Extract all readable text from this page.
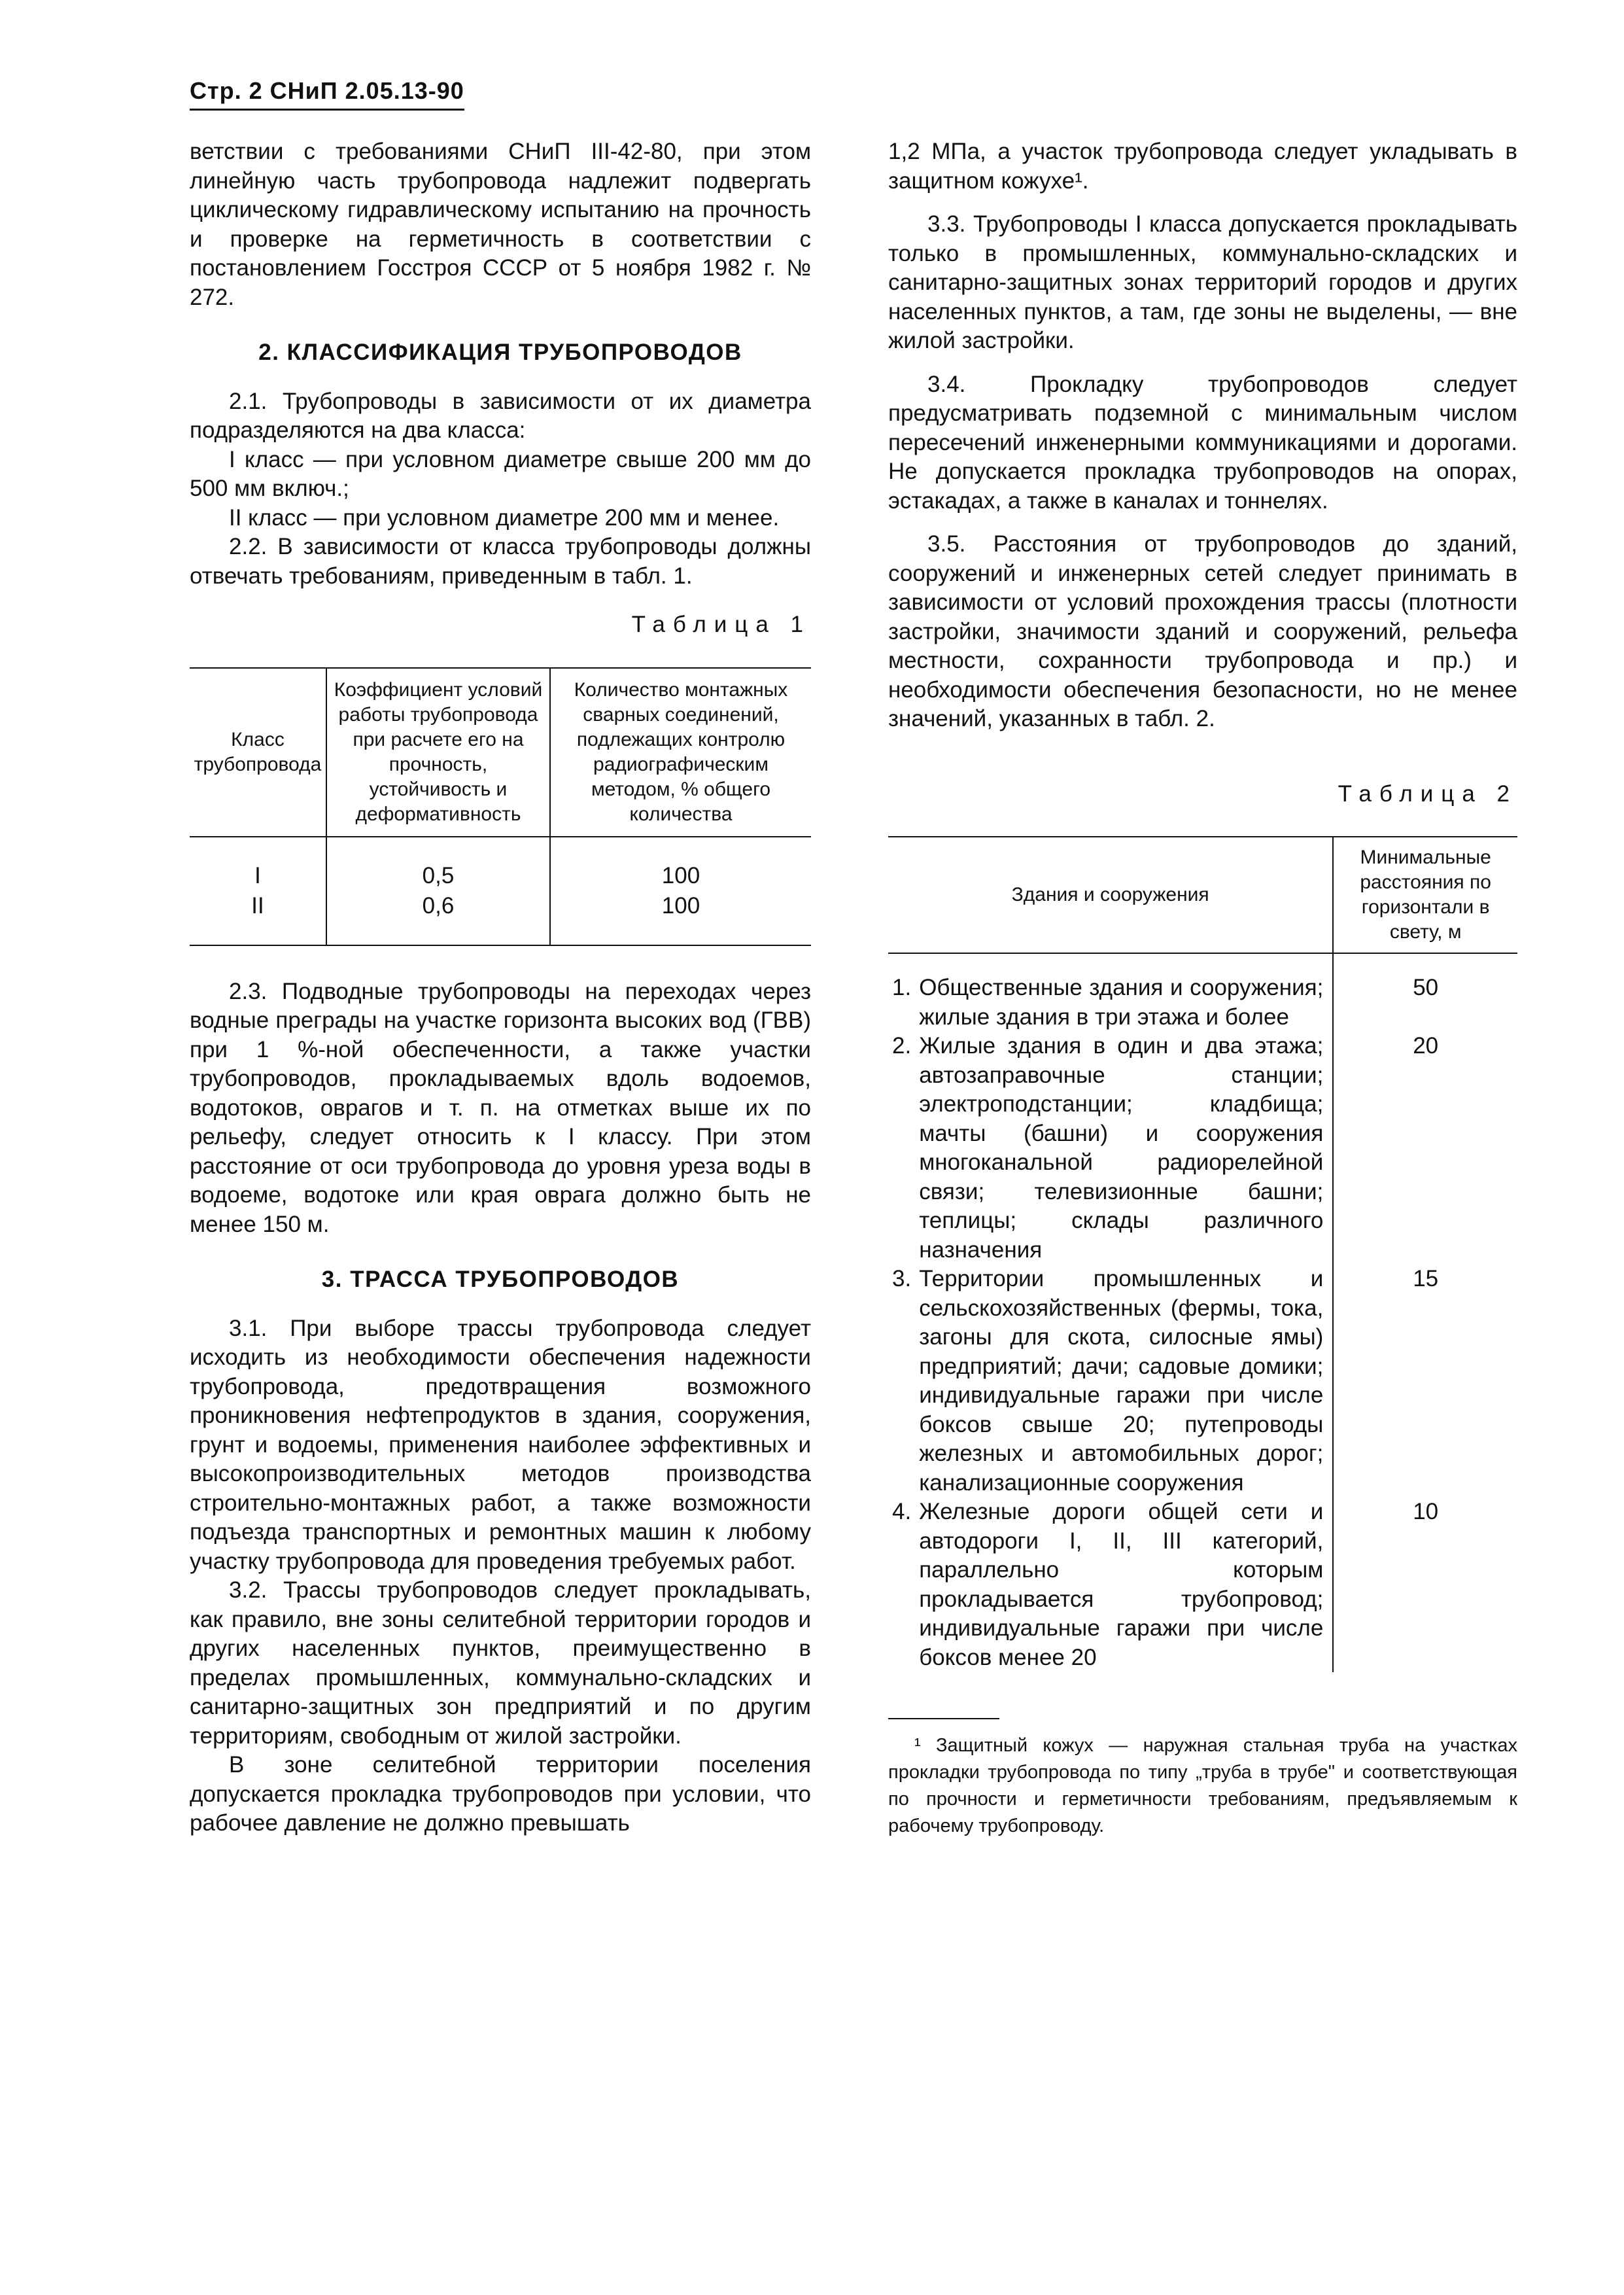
Стр. 2 СНиП 2.05.13-90

ветствии с требованиями СНиП III-42-80, при этом линейную часть трубопровода надлежит подвергать циклическому гидравлическому испытанию на прочность и проверке на герметичность в соответствии с постановлением Госстроя СССР от 5 ноября 1982 г. № 272.

2. КЛАССИФИКАЦИЯ ТРУБОПРОВОДОВ

2.1. Трубопроводы в зависимости от их диаметра подразделяются на два класса:

I класс — при условном диаметре свыше 200 мм до 500 мм включ.;

II класс — при условном диаметре 200 мм и менее.

2.2. В зависимости от класса трубопроводы должны отвечать требованиям, приведенным в табл. 1.

Таблица 1
Класс трубопровода	Коэффициент условий работы трубопровода при расчете его на прочность, устойчивость и деформативность	Количество монтажных сварных соединений, подлежащих контролю радиографическим методом, % общего количества
I	0,5	100
II	0,6	100

2.3. Подводные трубопроводы на переходах через водные преграды на участке горизонта высоких вод (ГВВ) при 1 %-ной обеспеченности, а также участки трубопроводов, прокладываемых вдоль водоемов, водотоков, оврагов и т. п. на отметках выше их по рельефу, следует относить к I классу. При этом расстояние от оси трубопровода до уровня уреза воды в водоеме, водотоке или края оврага должно быть не менее 150 м.

3. ТРАССА ТРУБОПРОВОДОВ

3.1. При выборе трассы трубопровода следует исходить из необходимости обеспечения надежности трубопровода, предотвращения возможного проникновения нефтепродуктов в здания, сооружения, грунт и водоемы, применения наиболее эффективных и высокопроизводительных методов производства строительно-монтажных работ, а также возможности подъезда транспортных и ремонтных машин к любому участку трубопровода для проведения требуемых работ.

3.2. Трассы трубопроводов следует прокладывать, как правило, вне зоны селитебной территории городов и других населенных пунктов, преимущественно в пределах промышленных, коммунально-складских и санитарно-защитных зон предприятий и по другим территориям, свободным от жилой застройки.

В зоне селитебной территории поселения допускается прокладка трубопроводов при условии, что рабочее давление не должно превышать

1,2 МПа, а участок трубопровода следует укладывать в защитном кожухе¹.

3.3. Трубопроводы I класса допускается прокладывать только в промышленных, коммунально-складских и санитарно-защитных зонах территорий городов и других населенных пунктов, а там, где зоны не выделены, — вне жилой застройки.

3.4. Прокладку трубопроводов следует предусматривать подземной с минимальным числом пересечений инженерными коммуникациями и дорогами. Не допускается прокладка трубопроводов на опорах, эстакадах, а также в каналах и тоннелях.

3.5. Расстояния от трубопроводов до зданий, сооружений и инженерных сетей следует принимать в зависимости от условий прохождения трассы (плотности застройки, значимости зданий и сооружений, рельефа местности, сохранности трубопровода и пр.) и необходимости обеспечения безопасности, но не менее значений, указанных в табл. 2.

Таблица 2
Здания и сооружения		Минимальные расстояния по горизонтали в свету, м
1.	Общественные здания и сооружения; жилые здания в три этажа и более	50
2.	Жилые здания в один и два этажа; автозаправочные станции; электроподстанции; кладбища; мачты (башни) и сооружения многоканальной радиорелейной связи; телевизионные башни; теплицы; склады различного назначения	20
3.	Территории промышленных и сельскохозяйственных (фермы, тока, загоны для скота, силосные ямы) предприятий; дачи; садовые домики; индивидуальные гаражи при числе боксов свыше 20; путепроводы железных и автомобильных дорог; канализационные сооружения	15
4.	Железные дороги общей сети и автодороги I, II, III категорий, параллельно которым прокладывается трубопровод; индивидуальные гаражи при числе боксов менее 20	10

¹ Защитный кожух — наружная стальная труба на участках прокладки трубопровода по типу „труба в трубе" и соответствующая по прочности и герметичности требованиям, предъявляемым к рабочему трубопроводу.
